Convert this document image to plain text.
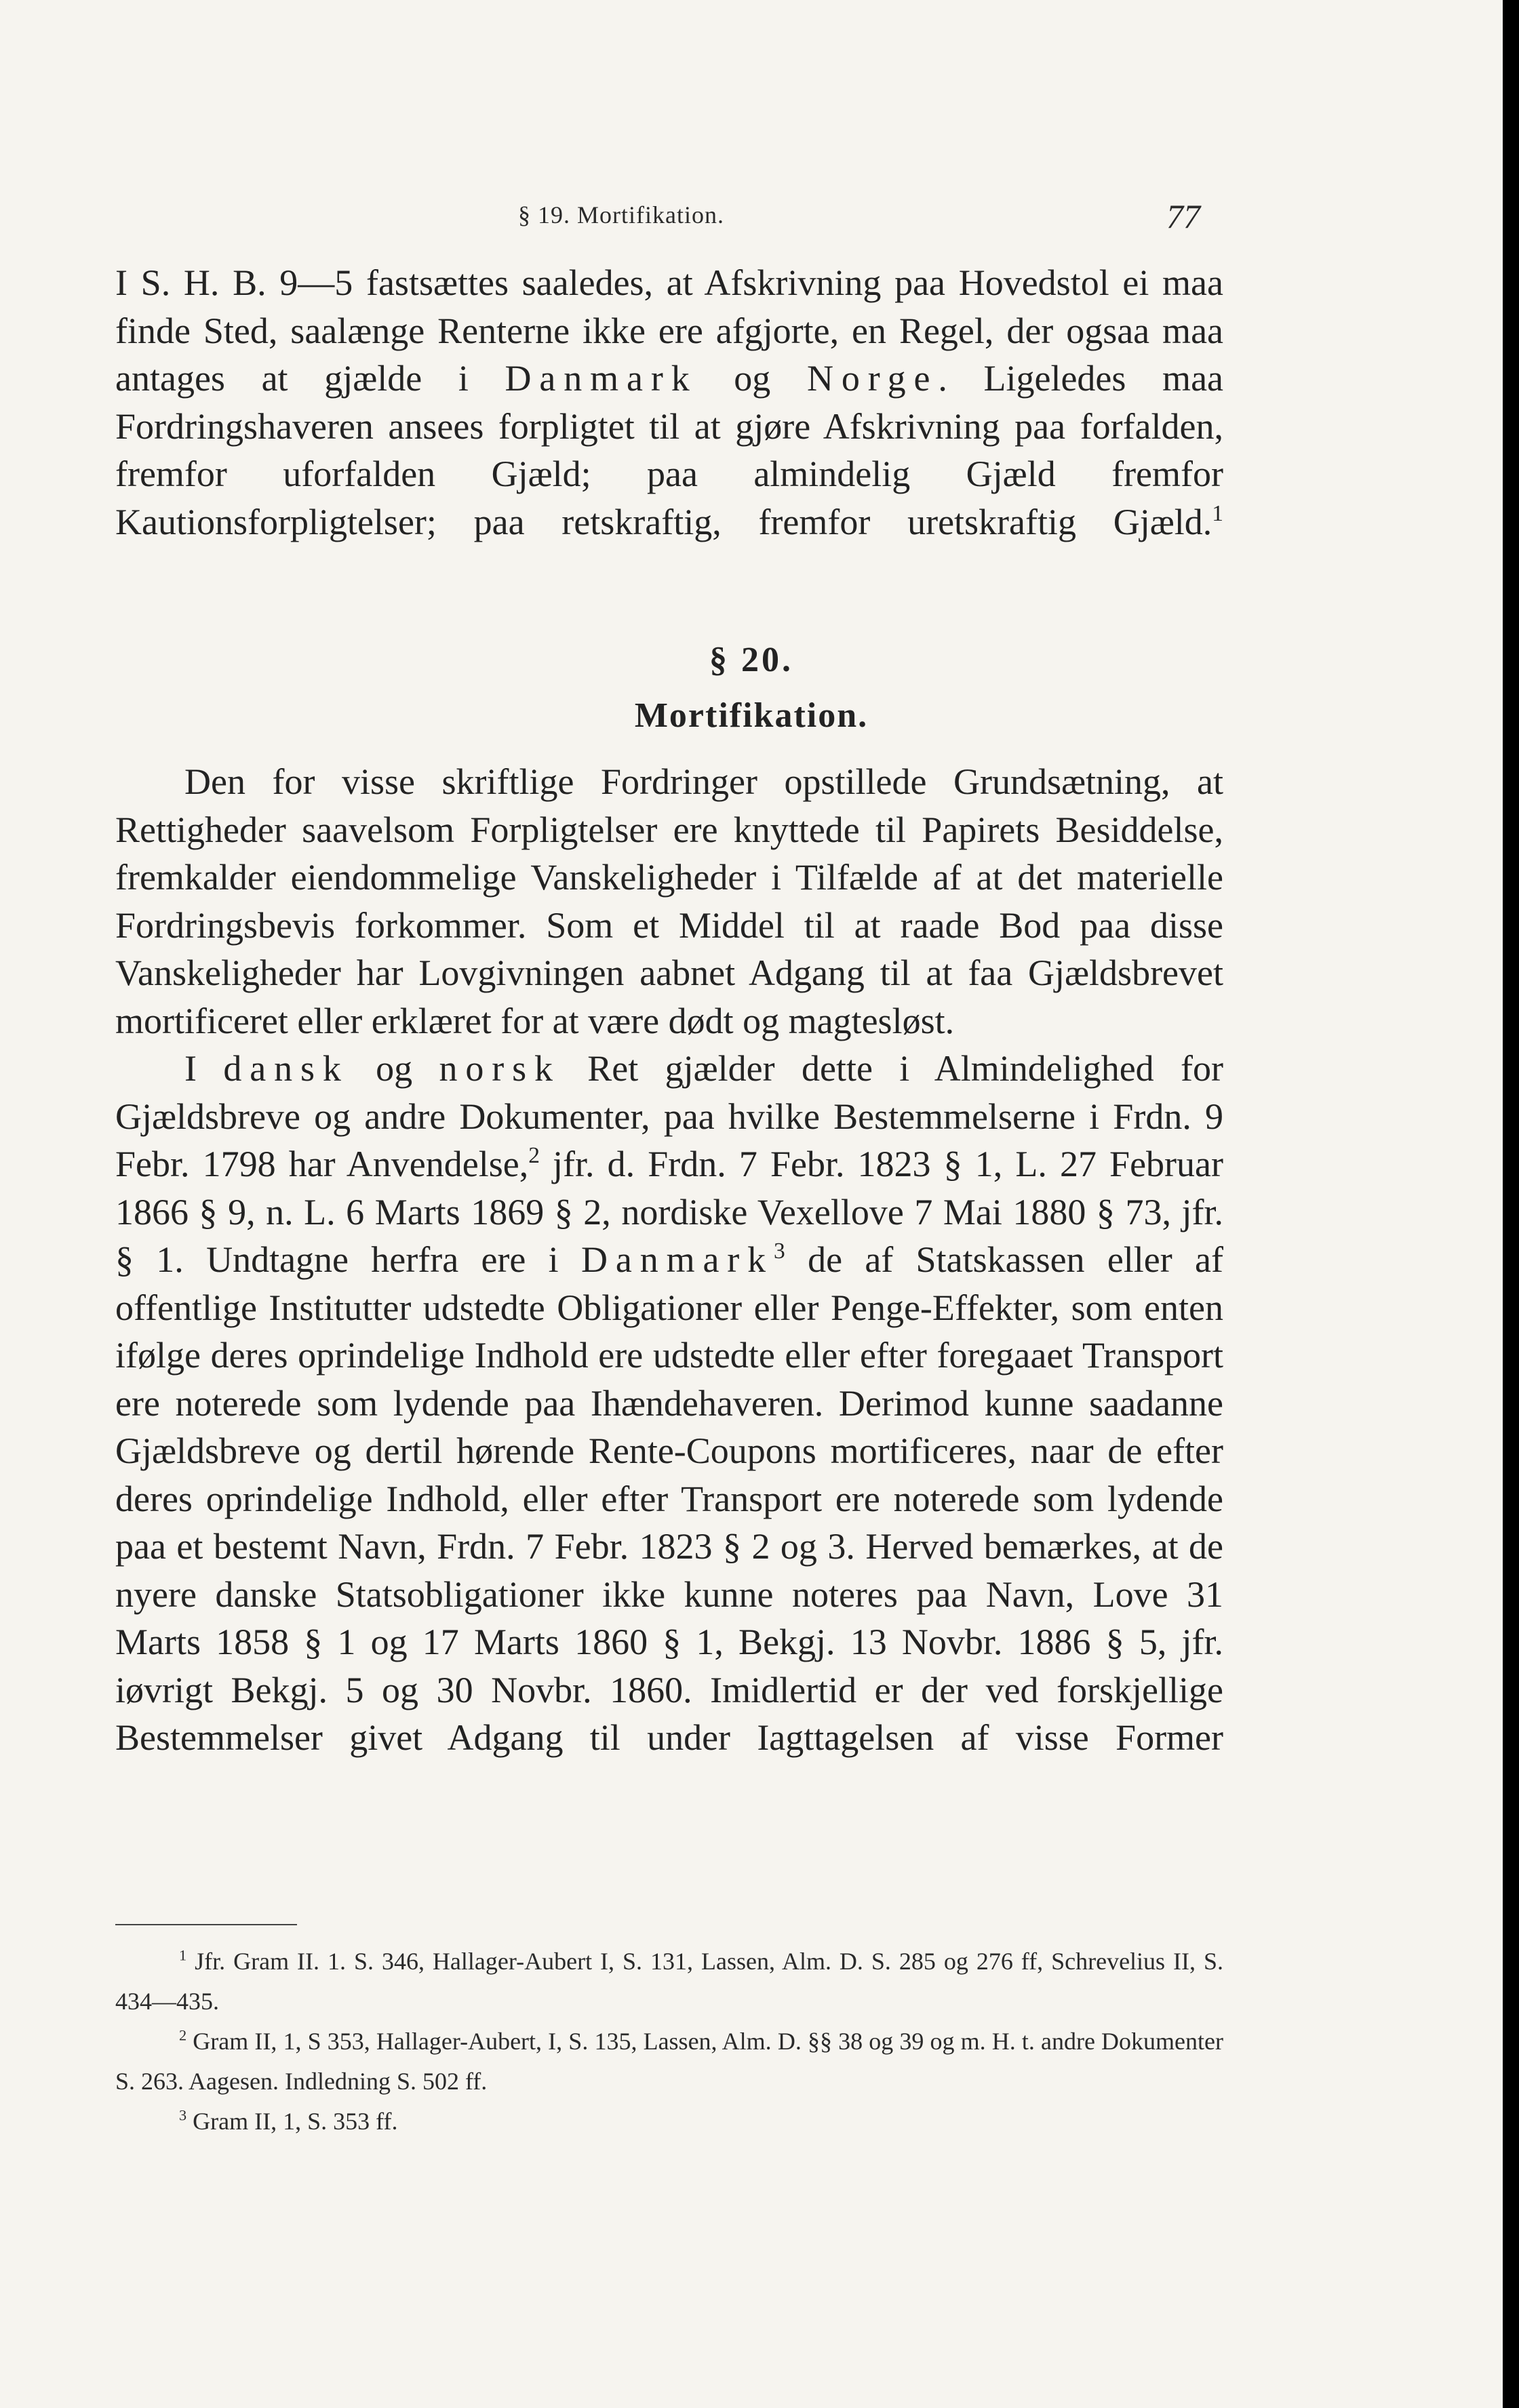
§ 19. Mortifikation.	77

I S. H. B. 9—5 fastsættes saaledes, at Afskrivning paa Hovedstol ei maa finde Sted, saalænge Renterne ikke ere afgjorte, en Regel, der ogsaa maa antages at gjælde i Danmark og Norge. Ligeledes maa Fordringshaveren ansees forpligtet til at gjøre Afskrivning paa forfalden, fremfor uforfalden Gjæld; paa almindelig Gjæld fremfor Kautionsforpligtelser; paa retskraftig, fremfor uretskraftig Gjæld.$^1$

§ 20.
Mortifikation.

Den for visse skriftlige Fordringer opstillede Grundsætning, at Rettigheder saavelsom Forpligtelser ere knyttede til Papirets Besiddelse, fremkalder eiendommelige Vanskeligheder i Tilfælde af at det materielle Fordringsbevis forkommer. Som et Middel til at raade Bod paa disse Vanskeligheder har Lovgivningen aabnet Adgang til at faa Gjældsbrevet mortificeret eller erklæret for at være dødt og magtesløst.

I dansk og norsk Ret gjælder dette i Almindelighed for Gjældsbreve og andre Dokumenter, paa hvilke Bestemmelserne i Frdn. 9 Febr. 1798 har Anvendelse,$^2$ jfr. d. Frdn. 7 Febr. 1823 § 1, L. 27 Februar 1866 § 9, n. L. 6 Marts 1869 § 2, nordiske Vexellove 7 Mai 1880 § 73, jfr. § 1. Undtagne herfra ere i Danmark$^3$ de af Statskassen eller af offentlige Institutter udstedte Obligationer eller Penge-Effekter, som enten ifølge deres oprindelige Indhold ere udstedte eller efter foregaaet Transport ere noterede som lydende paa Ihændehaveren. Derimod kunne saadanne Gjældsbreve og dertil hørende Rente-Coupons mortificeres, naar de efter deres oprindelige Indhold, eller efter Transport ere noterede som lydende paa et bestemt Navn, Frdn. 7 Febr. 1823 § 2 og 3. Herved bemærkes, at de nyere danske Statsobligationer ikke kunne noteres paa Navn, Love 31 Marts 1858 § 1 og 17 Marts 1860 § 1, Bekgj. 13 Novbr. 1886 § 5, jfr. iøvrigt Bekgj. 5 og 30 Novbr. 1860. Imidlertid er der ved forskjellige Bestemmelser givet Adgang til under Iagttagelsen af visse Former

$^1$ Jfr. Gram II. 1. S. 346, Hallager-Aubert I, S. 131, Lassen, Alm. D. S. 285 og 276 ff, Schrevelius II, S. 434—435.

$^2$ Gram II, 1, S 353, Hallager-Aubert, I, S. 135, Lassen, Alm. D. §§ 38 og 39 og m. H. t. andre Dokumenter S. 263. Aagesen. Indledning S. 502 ff.

$^3$ Gram II, 1, S. 353 ff.
